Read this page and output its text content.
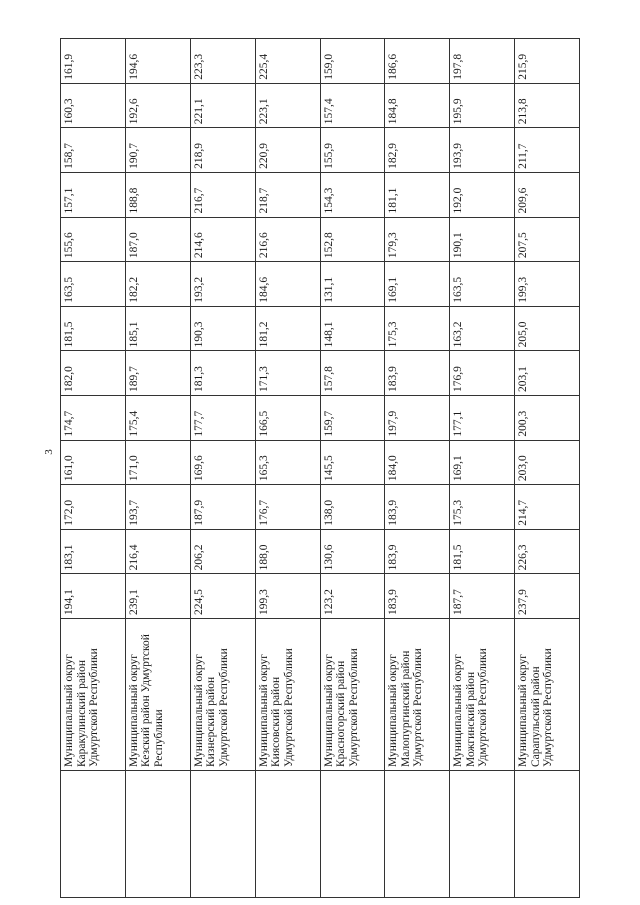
3
	Муниципальный округ Каракулинский район Удмуртской Республики	194,1	183,1	172,0	161,0	174,7	182,0	181,5	163,5	155,6	157,1	158,7	160,3	161,9
	Муниципальный округ Кезский район Удмуртской Республики	239,1	216,4	193,7	171,0	175,4	189,7	185,1	182,2	187,0	188,8	190,7	192,6	194,6
	Муниципальный округ Кизнерский район Удмуртской Республики	224,5	206,2	187,9	169,6	177,7	181,3	190,3	193,2	214,6	216,7	218,9	221,1	223,3
	Муниципальный округ Киясовский район Удмуртской Республики	199,3	188,0	176,7	165,3	166,5	171,3	181,2	184,6	216,6	218,7	220,9	223,1	225,4
	Муниципальный округ Красногорский район Удмуртской Республики	123,2	130,6	138,0	145,5	159,7	157,8	148,1	131,1	152,8	154,3	155,9	157,4	159,0
	Муниципальный округ Малопургинский район Удмуртской Республики	183,9	183,9	183,9	184,0	197,9	183,9	175,3	169,1	179,3	181,1	182,9	184,8	186,6
	Муниципальный округ Можгинский район Удмуртской Республики	187,7	181,5	175,3	169,1	177,1	176,9	163,2	163,5	190,1	192,0	193,9	195,9	197,8
	Муниципальный округ Сарапульский район Удмуртской Республики	237,9	226,3	214,7	203,0	200,3	203,1	205,0	199,3	207,5	209,6	211,7	213,8	215,9
